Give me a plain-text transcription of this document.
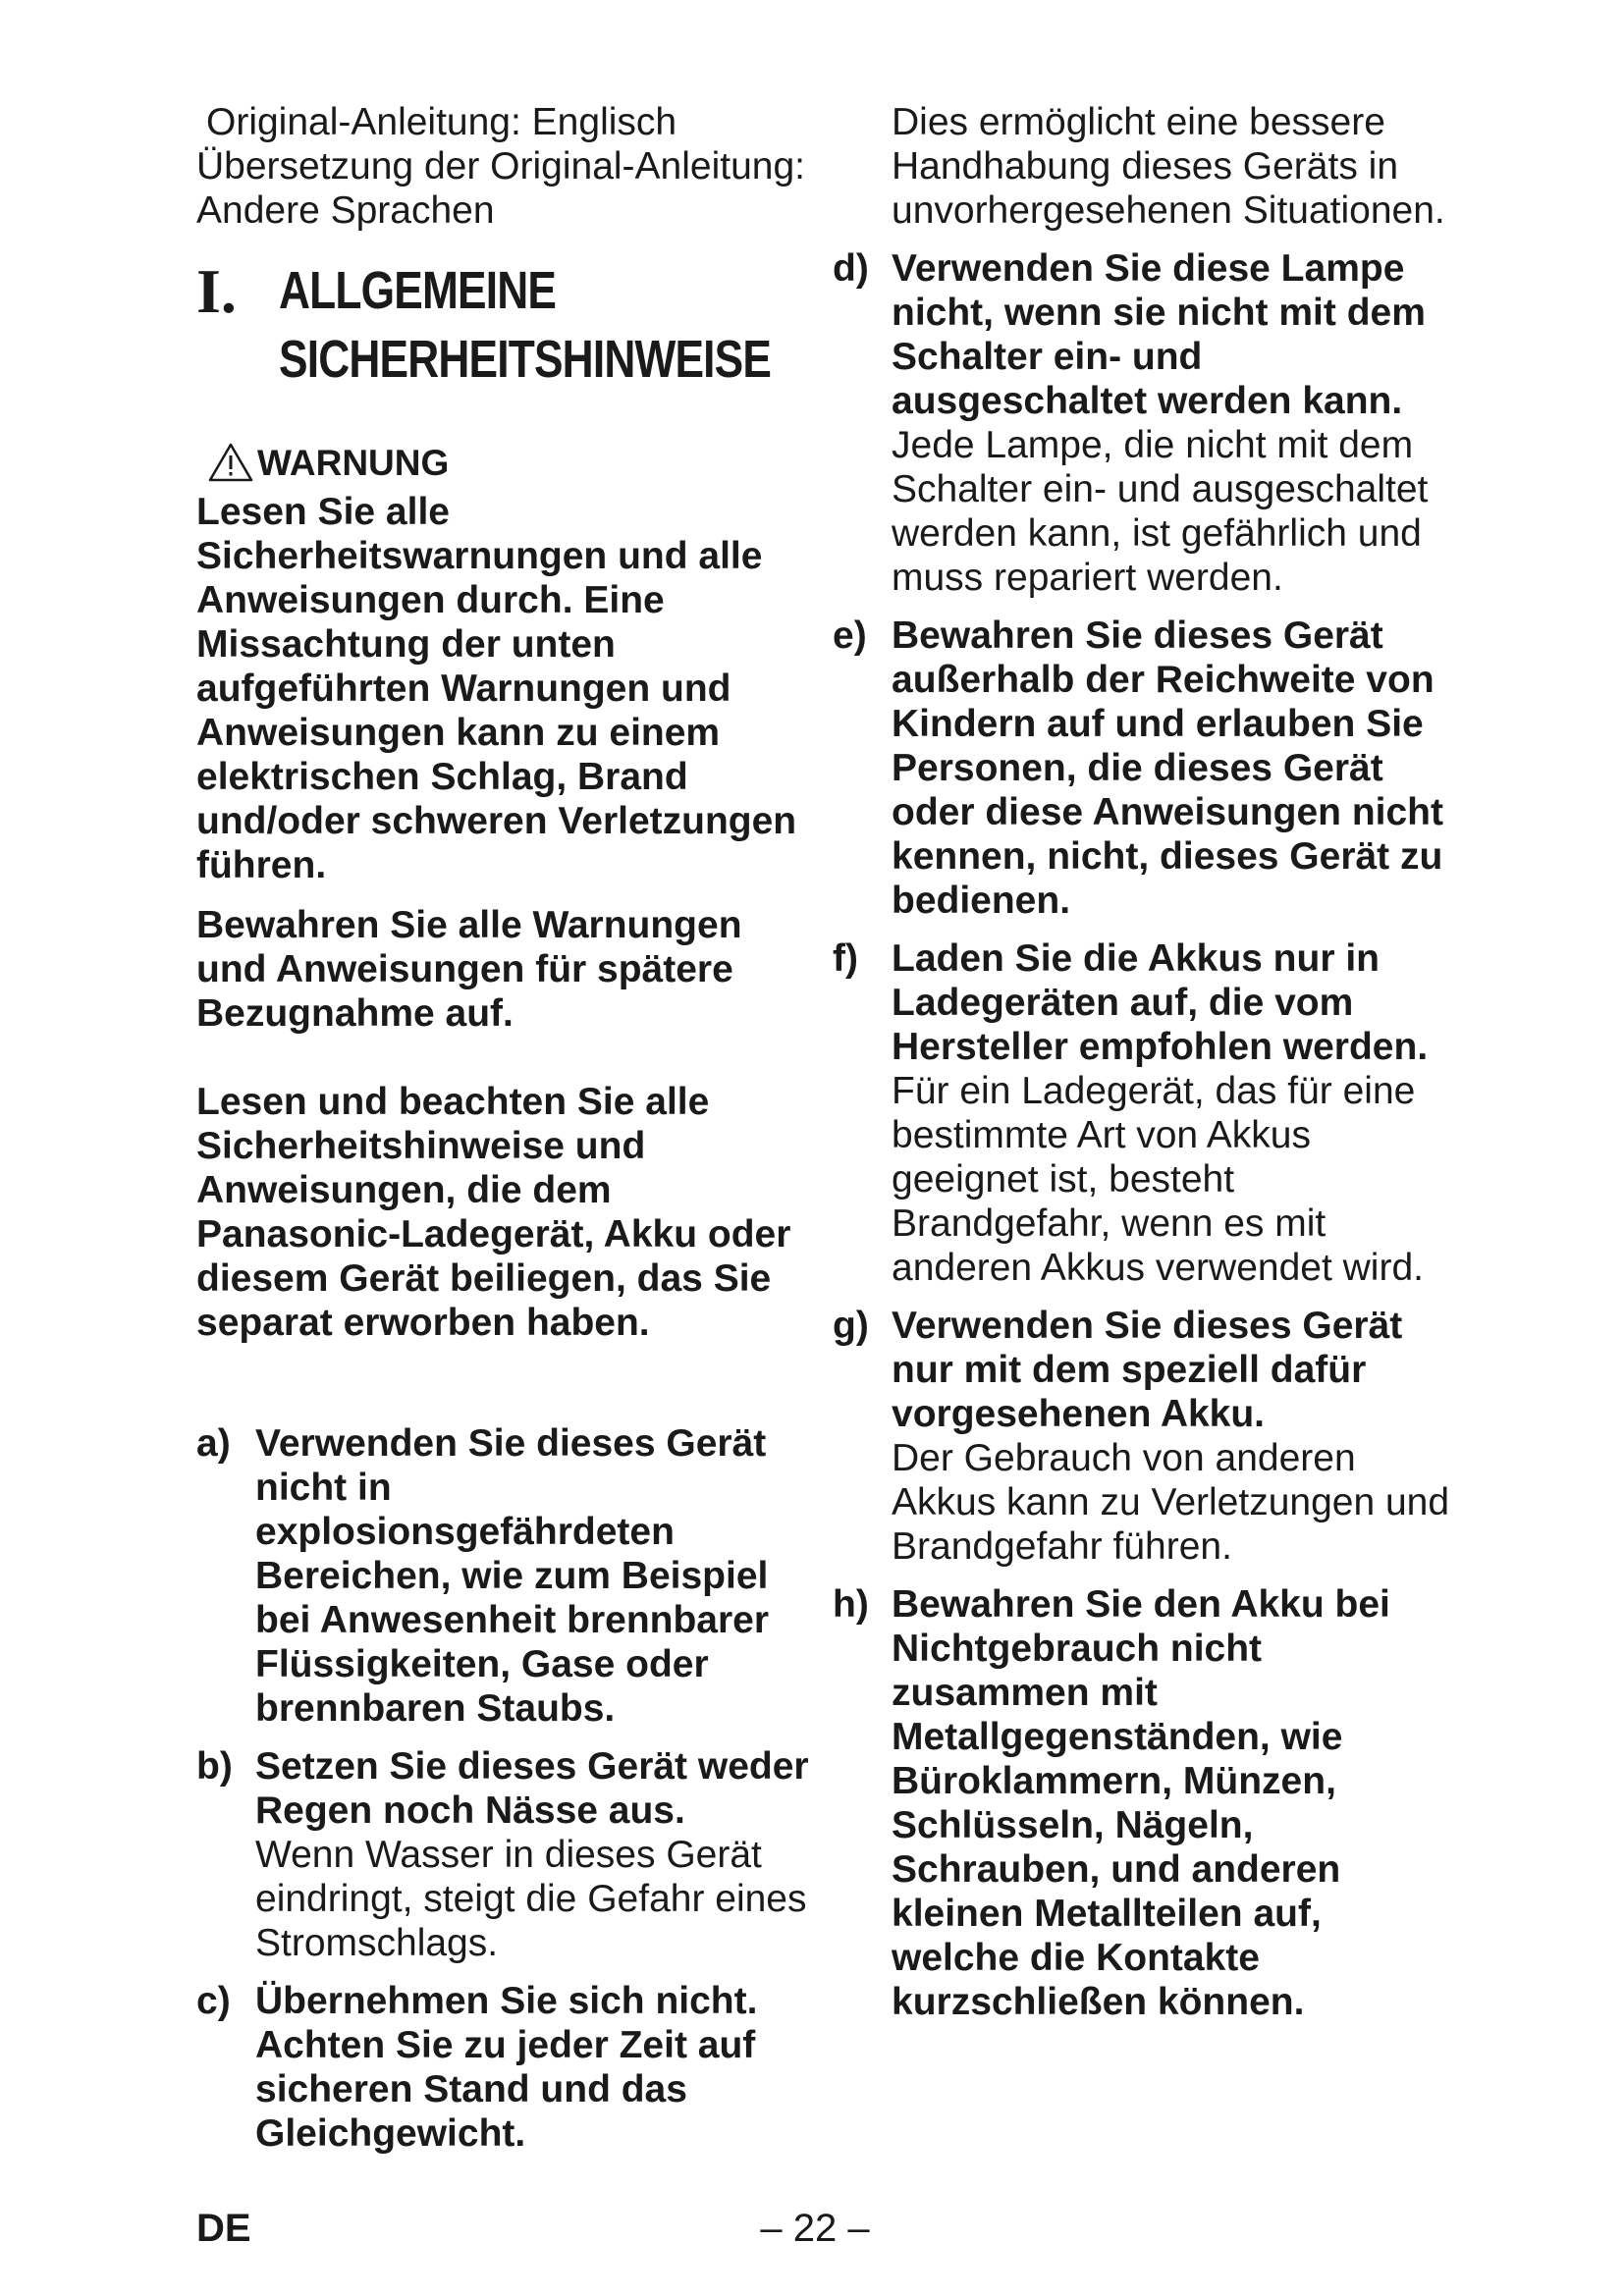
Original-Anleitung: Englisch

Übersetzung der Original-Anleitung: Andere Sprachen

I. ALLGEMEINE
SICHERHEITSHINWEISE
WARNUNG

Lesen Sie alle Sicherheitswarnungen und alle Anweisungen durch. Eine Missachtung der unten aufgeführten Warnungen und Anweisungen kann zu einem elektrischen Schlag, Brand und/oder schweren Verletzungen führen.

Bewahren Sie alle Warnungen und Anweisungen für spätere Bezugnahme auf.

Lesen und beachten Sie alle Sicherheitshinweise und Anweisungen, die dem Panasonic-Ladegerät, Akku oder diesem Gerät beiliegen, das Sie separat erworben haben.

a) Verwenden Sie dieses Gerät nicht in explosionsgefährdeten Bereichen, wie zum Beispiel bei Anwesenheit brennbarer Flüssigkeiten, Gase oder brennbaren Staubs.

b) Setzen Sie dieses Gerät weder Regen noch Nässe aus.

Wenn Wasser in dieses Gerät eindringt, steigt die Gefahr eines Stromschlags.

c) Übernehmen Sie sich nicht. Achten Sie zu jeder Zeit auf sicheren Stand und das Gleichgewicht.

Dies ermöglicht eine bessere Handhabung dieses Geräts in unvorhergesehenen Situationen.

d) Verwenden Sie diese Lampe nicht, wenn sie nicht mit dem Schalter ein- und ausgeschaltet werden kann.

Jede Lampe, die nicht mit dem Schalter ein- und ausgeschaltet werden kann, ist gefährlich und muss repariert werden.

e) Bewahren Sie dieses Gerät außerhalb der Reichweite von Kindern auf und erlauben Sie Personen, die dieses Gerät oder diese Anweisungen nicht kennen, nicht, dieses Gerät zu bedienen.

f) Laden Sie die Akkus nur in Ladegeräten auf, die vom Hersteller empfohlen werden.

Für ein Ladegerät, das für eine bestimmte Art von Akkus geeignet ist, besteht Brandgefahr, wenn es mit anderen Akkus verwendet wird.

g) Verwenden Sie dieses Gerät nur mit dem speziell dafür vorgesehenen Akku.

Der Gebrauch von anderen Akkus kann zu Verletzungen und Brandgefahr führen.

h) Bewahren Sie den Akku bei Nichtgebrauch nicht zusammen mit Metallgegenständen, wie Büroklammern, Münzen, Schlüsseln, Nägeln, Schrauben, und anderen kleinen Metallteilen auf, welche die Kontakte kurzschließen können.

DE	– 22 –
